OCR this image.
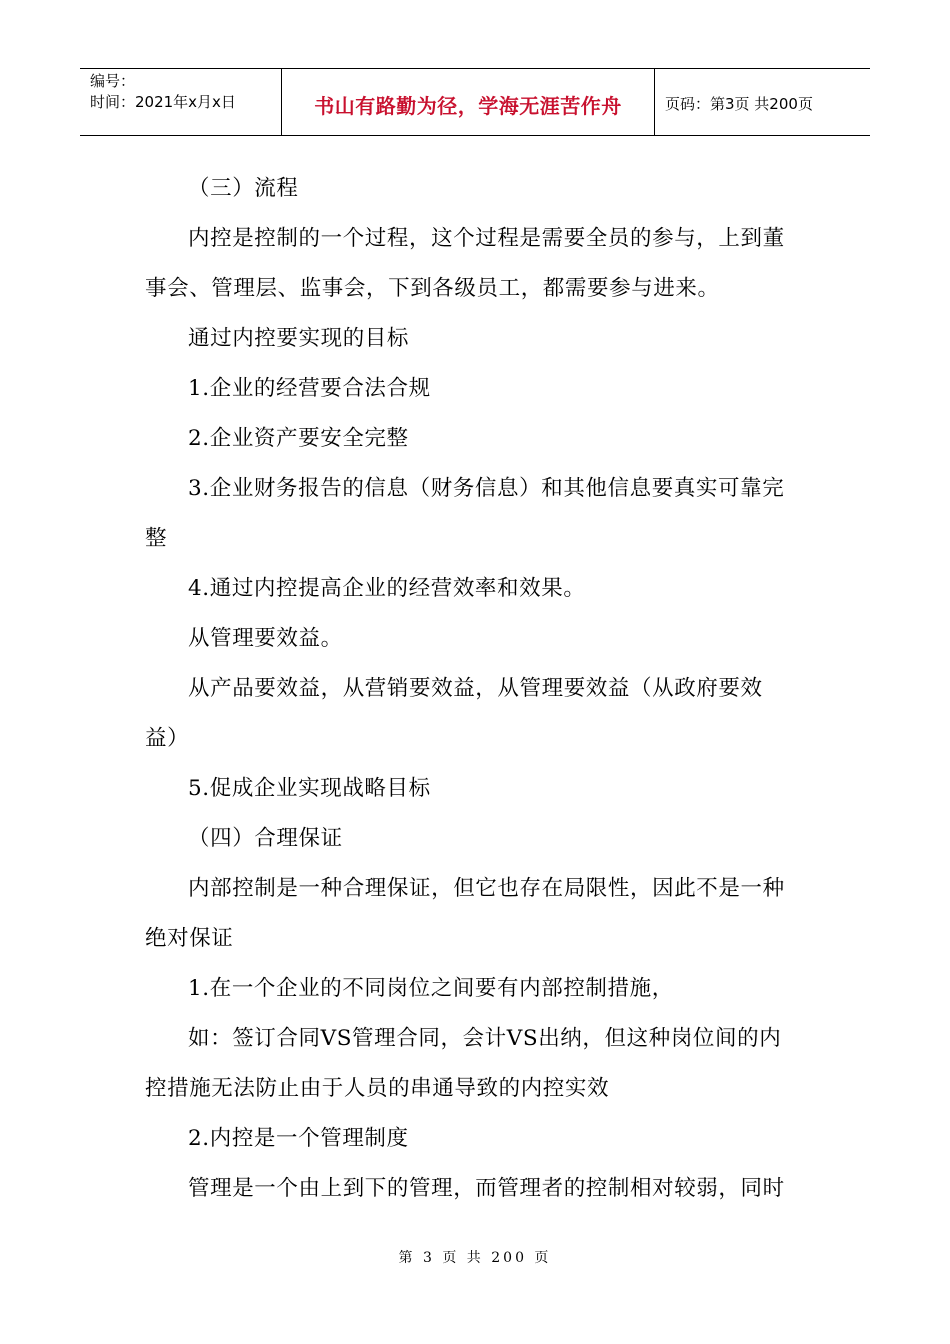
编号：
时间：2021年x月x日	书山有路勤为径，学海无涯苦作舟	页码：第3页 共200页
（三）流程
内控是控制的一个过程，这个过程是需要全员的参与，上到董
事会、管理层、监事会，下到各级员工，都需要参与进来。
通过内控要实现的目标
1.企业的经营要合法合规
2.企业资产要安全完整
3.企业财务报告的信息（财务信息）和其他信息要真实可靠完
整
4.通过内控提高企业的经营效率和效果。
从管理要效益。
从产品要效益，从营销要效益，从管理要效益（从政府要效
益）
5.促成企业实现战略目标
（四）合理保证
内部控制是一种合理保证，但它也存在局限性，因此不是一种
绝对保证
1.在一个企业的不同岗位之间要有内部控制措施，
如：签订合同VS管理合同，会计VS出纳，但这种岗位间的内
控措施无法防止由于人员的串通导致的内控实效
2.内控是一个管理制度
管理是一个由上到下的管理，而管理者的控制相对较弱，同时
第 3 页 共 200 页
